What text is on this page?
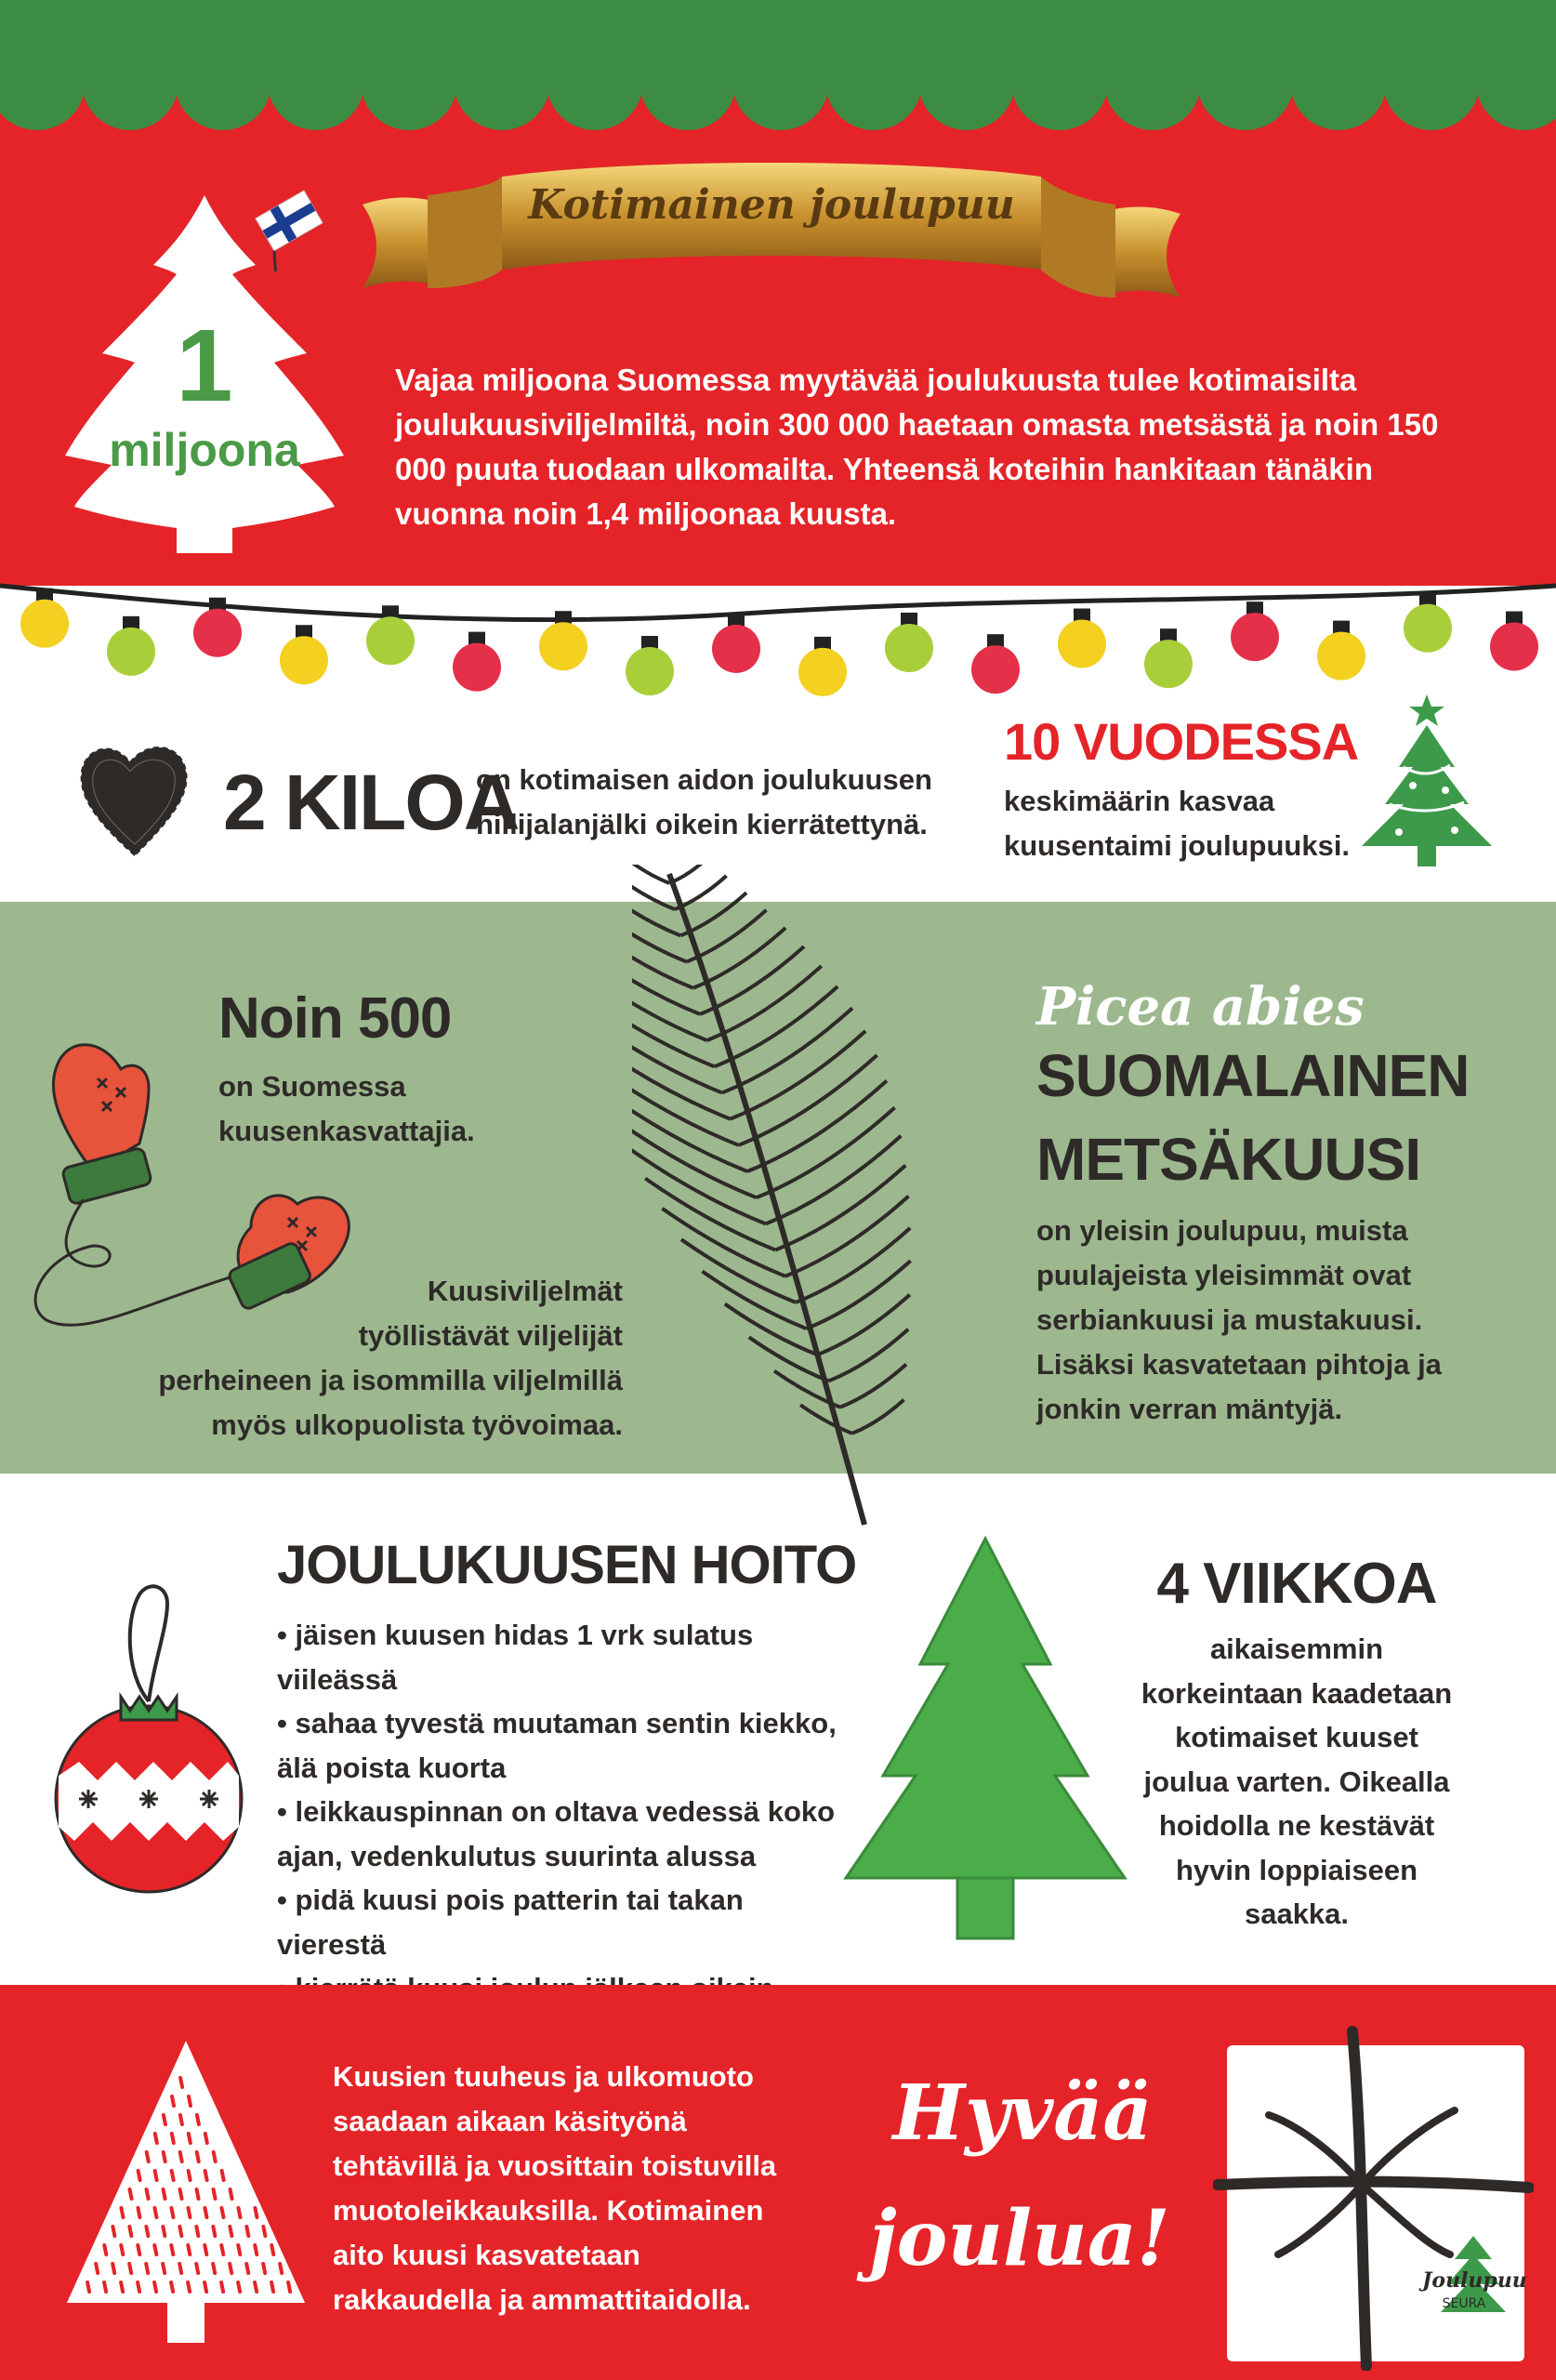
1
miljoona
Kotimainen joulupuu
Vajaa miljoona Suomessa myytävää joulukuusta tulee kotimaisilta joulukuusiviljelmiltä, noin 300 000 haetaan omasta metsästä ja noin 150 000 puuta tuodaan ulkomailta. Yhteensä koteihin hankitaan tänäkin vuonna noin 1,4 miljoonaa kuusta.
2 KILOA
on kotimaisen aidon joulukuusen
hiilijalanjälki oikein kierrätettynä.
10 VUODESSA
keskimäärin kasvaa
kuusentaimi joulupuuksi.
Noin 500
on Suomessa
kuusenkasvattajia.
Kuusiviljelmät
työllistävät viljelijät
perheineen ja isommilla viljelmillä
myös ulkopuolista työvoimaa.
Picea abies
SUOMALAINEN
METSÄKUUSI
on yleisin joulupuu, muista
puulajeista yleisimmät ovat
serbiankuusi ja mustakuusi.
Lisäksi kasvatetaan pihtoja ja
jonkin verran mäntyjä.
JOULUKUUSEN HOITO
• jäisen kuusen hidas 1 vrk sulatus viileässä
• sahaa tyvestä muutaman sentin kiekko,
älä poista kuorta
• leikkauspinnan on oltava vedessä koko
ajan, vedenkulutus suurinta alussa
• pidä kuusi pois patterin tai takan vierestä
4 VIIKKOA
aikaisemmin
korkeintaan kaadetaan
kotimaiset kuuset
joulua varten. Oikealla
hoidolla ne kestävät
hyvin loppiaiseen
saakka.
Kuusien tuuheus ja ulkomuoto
saadaan aikaan käsityönä
tehtävillä ja vuosittain toistuvilla
muotoleikkauksilla. Kotimainen
aito kuusi kasvatetaan
rakkaudella ja ammattitaidolla.
Hyvää
joulua!	Joulupuu
SEURA
